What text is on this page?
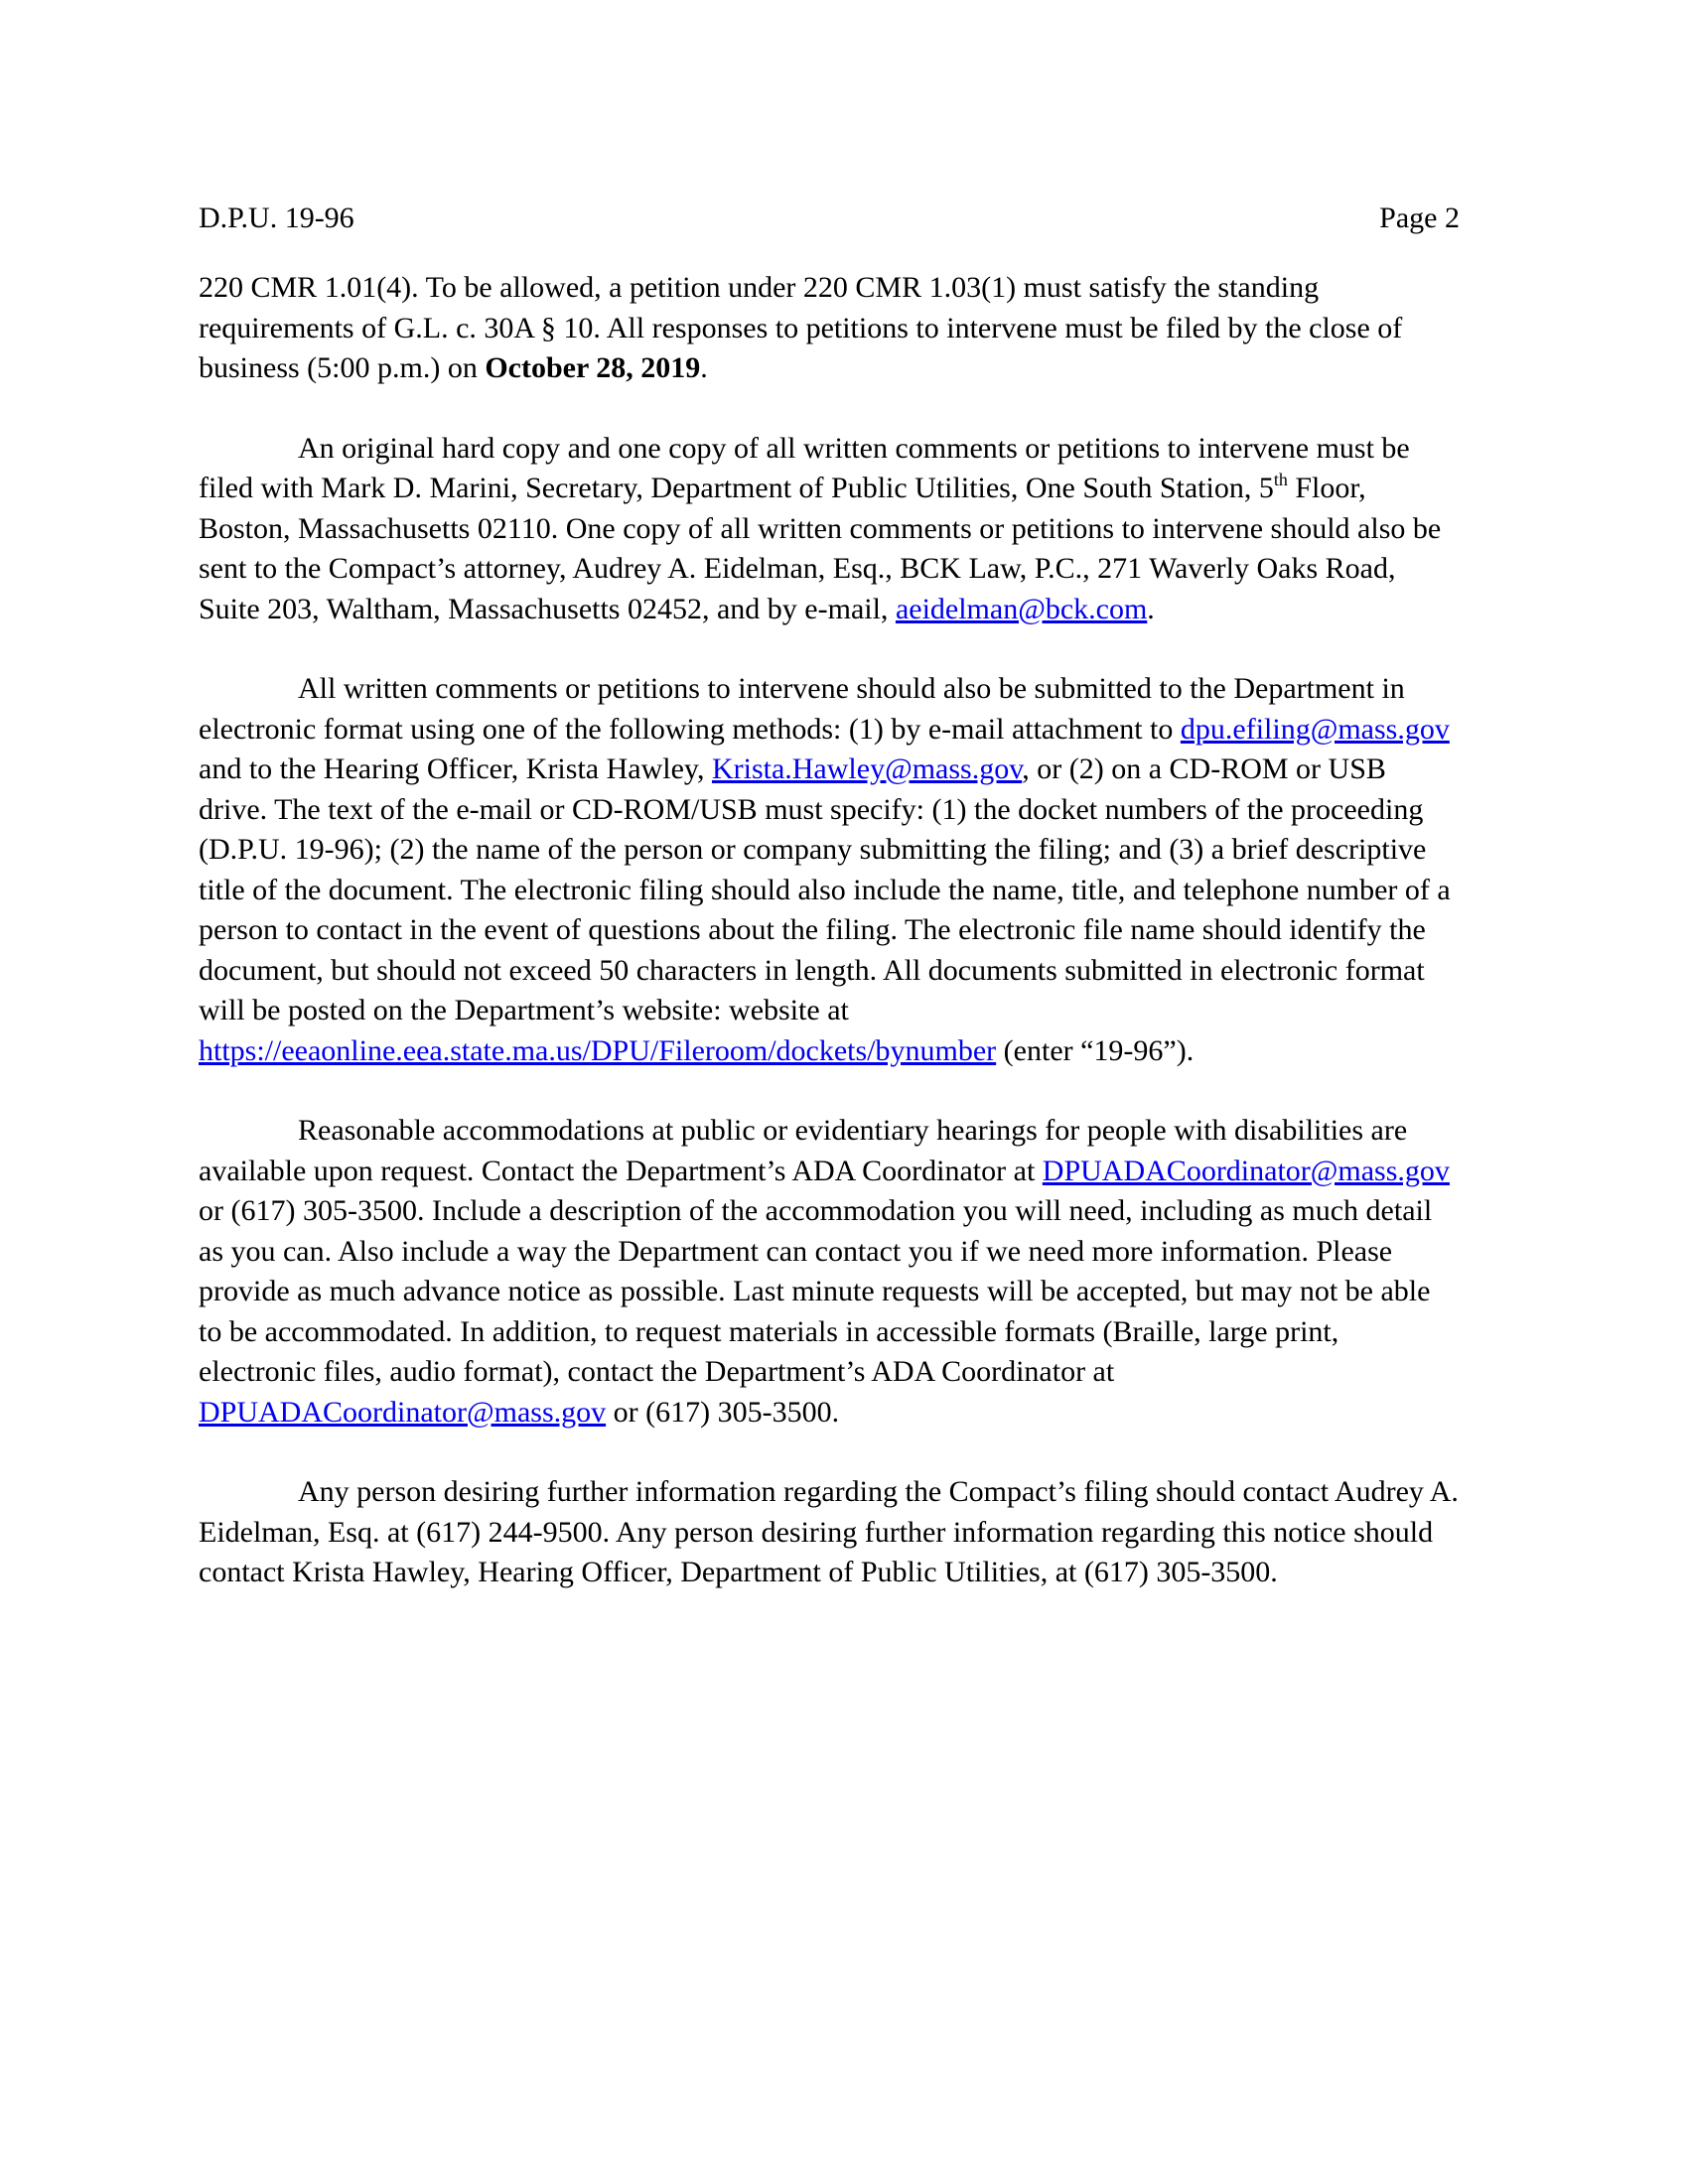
D.P.U. 19-96	Page 2

220 CMR 1.01(4). To be allowed, a petition under 220 CMR 1.03(1) must satisfy the standing requirements of G.L. c. 30A § 10. All responses to petitions to intervene must be filed by the close of business (5:00 p.m.) on October 28, 2019.

An original hard copy and one copy of all written comments or petitions to intervene must be filed with Mark D. Marini, Secretary, Department of Public Utilities, One South Station, 5th Floor, Boston, Massachusetts 02110. One copy of all written comments or petitions to intervene should also be sent to the Compact’s attorney, Audrey A. Eidelman, Esq., BCK Law, P.C., 271 Waverly Oaks Road, Suite 203, Waltham, Massachusetts 02452, and by e-mail, aeidelman@bck.com.

All written comments or petitions to intervene should also be submitted to the Department in electronic format using one of the following methods: (1) by e-mail attachment to dpu.efiling@mass.gov and to the Hearing Officer, Krista Hawley, Krista.Hawley@mass.gov, or (2) on a CD-ROM or USB drive. The text of the e-mail or CD-ROM/USB must specify: (1) the docket numbers of the proceeding (D.P.U. 19-96); (2) the name of the person or company submitting the filing; and (3) a brief descriptive title of the document. The electronic filing should also include the name, title, and telephone number of a person to contact in the event of questions about the filing. The electronic file name should identify the document, but should not exceed 50 characters in length. All documents submitted in electronic format will be posted on the Department’s website: website at https://eeaonline.eea.state.ma.us/DPU/Fileroom/dockets/bynumber (enter “19-96”).

Reasonable accommodations at public or evidentiary hearings for people with disabilities are available upon request. Contact the Department’s ADA Coordinator at DPUADACoordinator@mass.gov or (617) 305-3500. Include a description of the accommodation you will need, including as much detail as you can. Also include a way the Department can contact you if we need more information. Please provide as much advance notice as possible. Last minute requests will be accepted, but may not be able to be accommodated. In addition, to request materials in accessible formats (Braille, large print, electronic files, audio format), contact the Department’s ADA Coordinator at DPUADACoordinator@mass.gov or (617) 305-3500.

Any person desiring further information regarding the Compact’s filing should contact Audrey A. Eidelman, Esq. at (617) 244-9500. Any person desiring further information regarding this notice should contact Krista Hawley, Hearing Officer, Department of Public Utilities, at (617) 305-3500.
